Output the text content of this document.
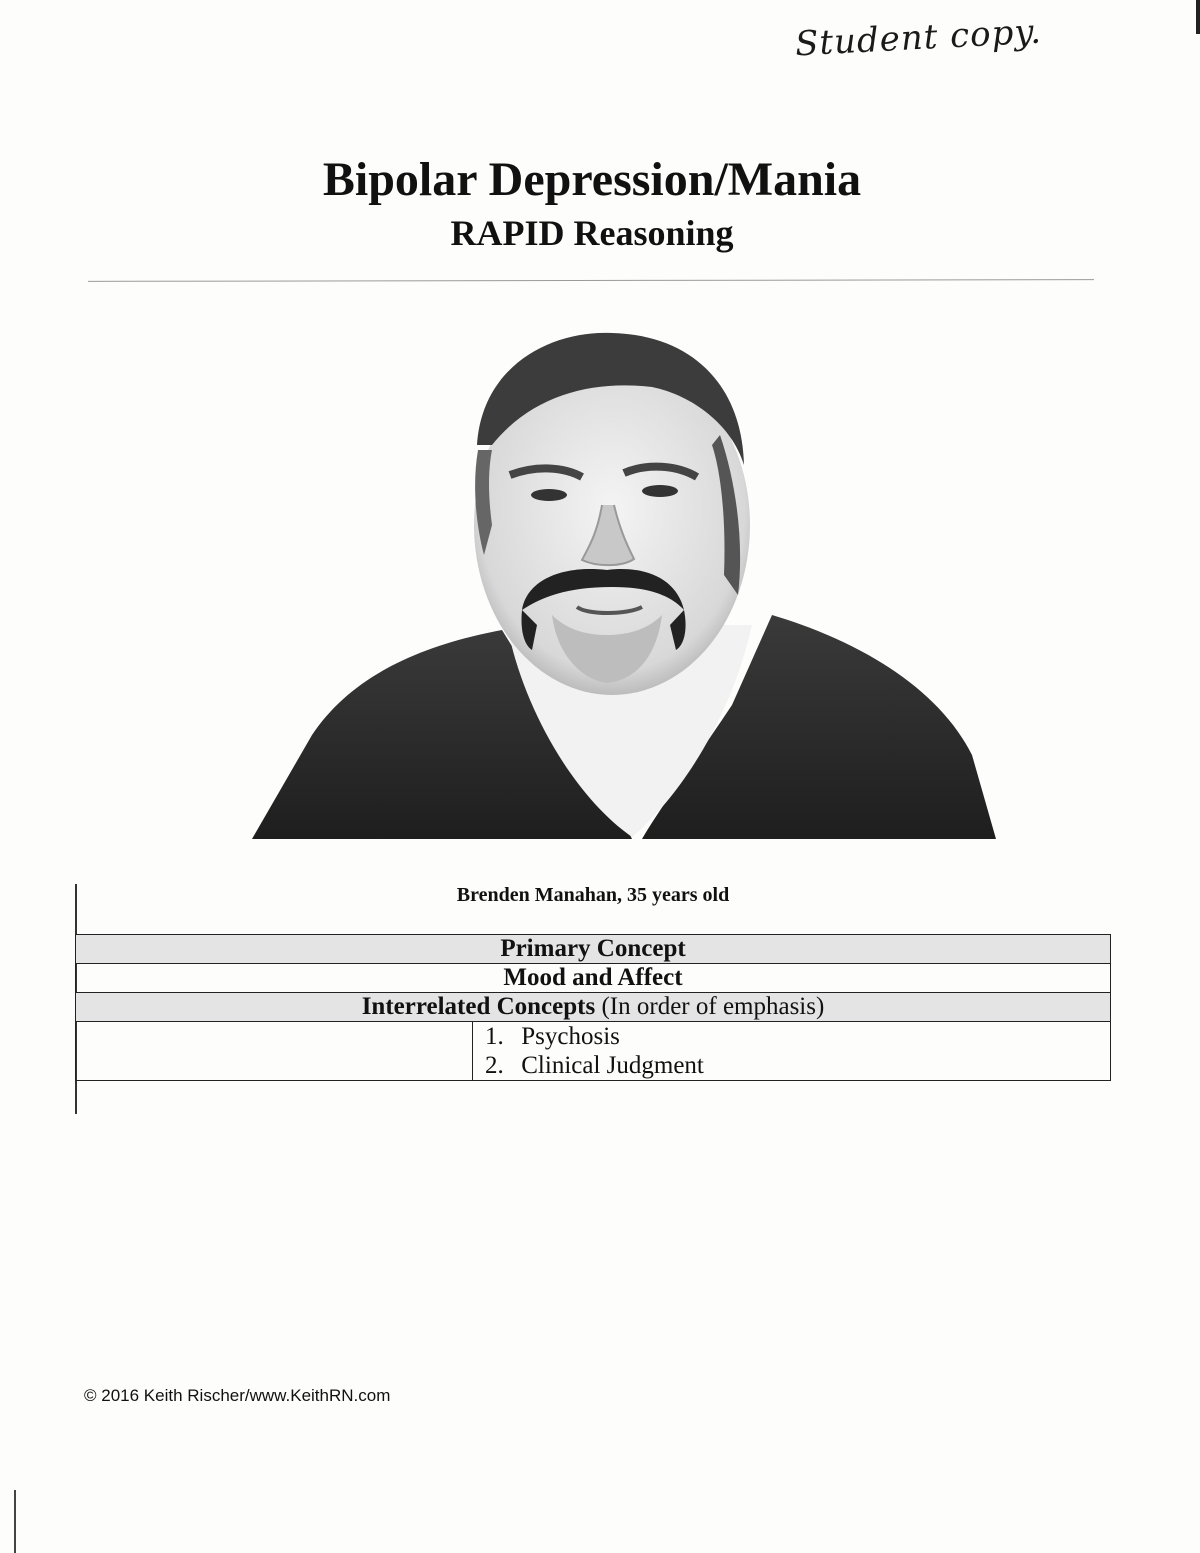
Student copy.
Bipolar Depression/Mania
RAPID Reasoning
Brenden Manahan, 35 years old
Primary Concept
Mood and Affect
Interrelated Concepts (In order of emphasis)

1. Psychosis
2. Clinical Judgment
© 2016 Keith Rischer/www.KeithRN.com
